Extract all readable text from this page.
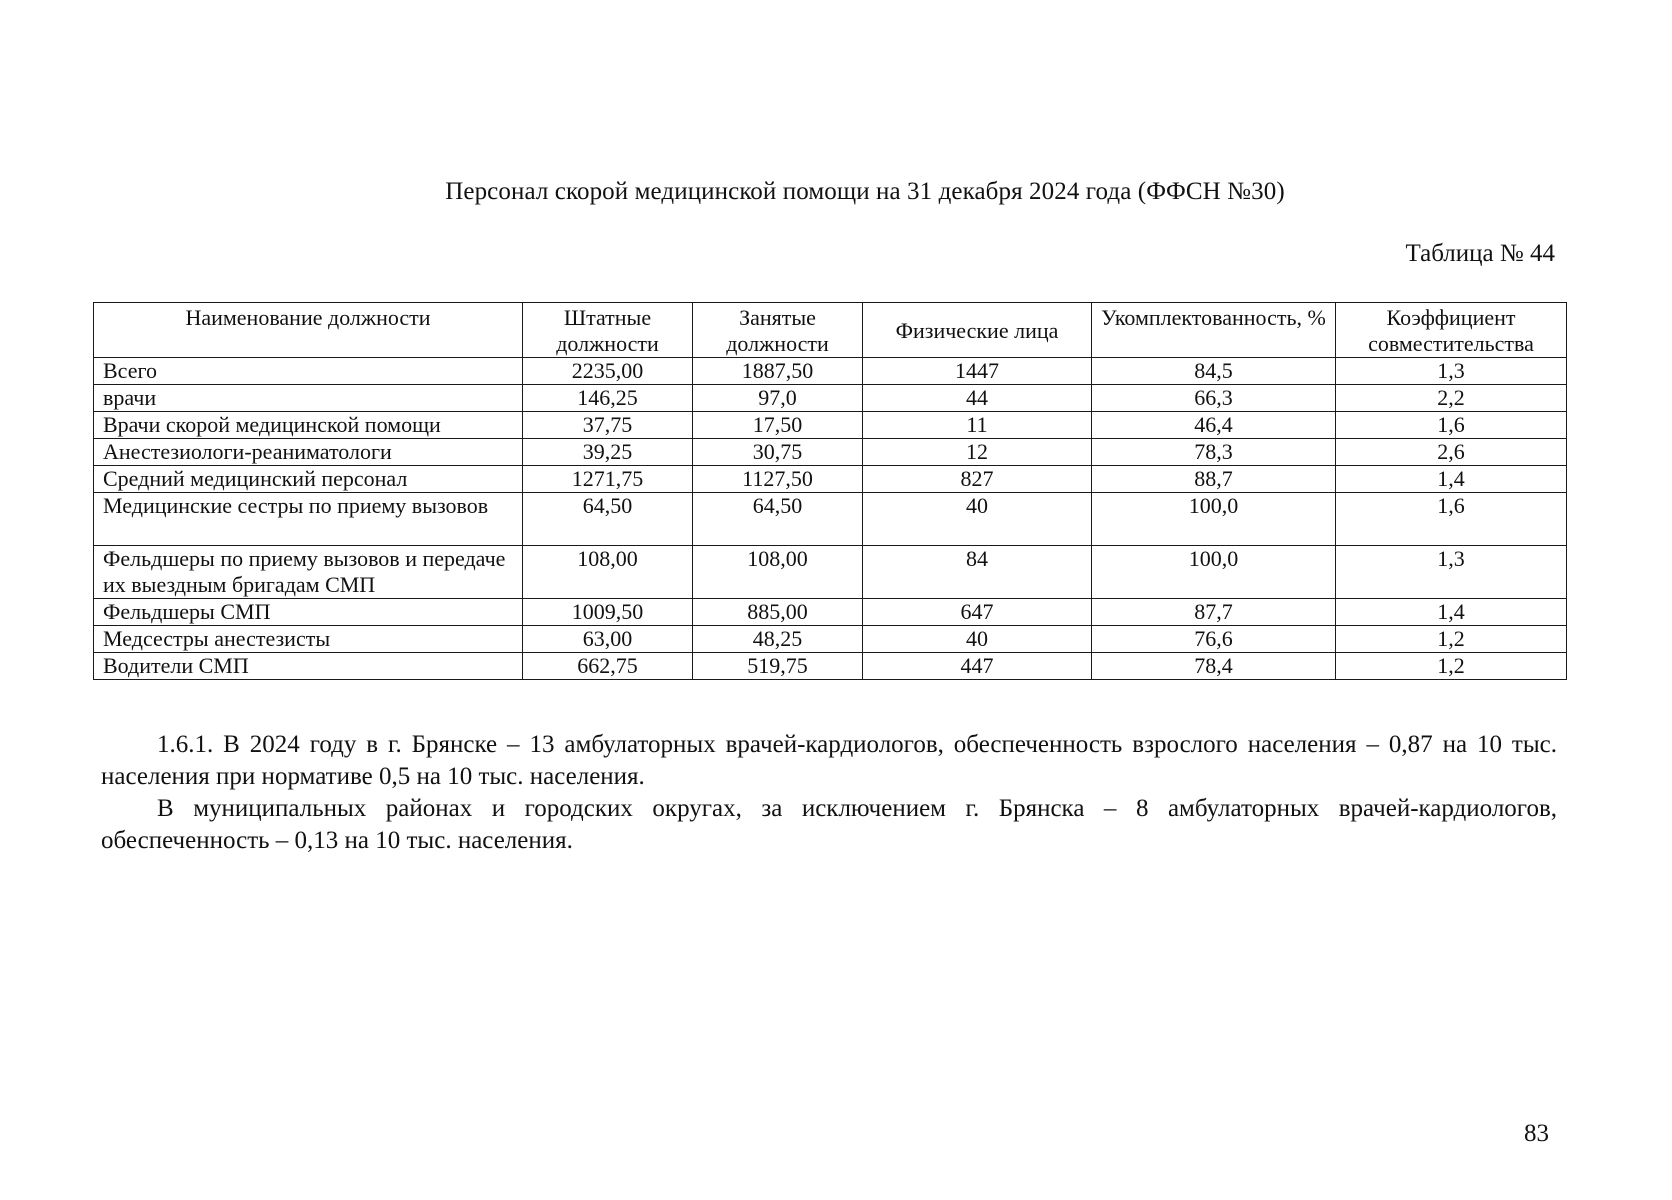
Персонал скорой медицинской помощи на 31 декабря 2024 года (ФФСН №30)
Таблица № 44
Наименование должности	Штатные должности	Занятые должности	Физические лица	Укомплектованность, %	Коэффициент совместительства
Всего	2235,00	1887,50	1447	84,5	1,3
врачи	146,25	97,0	44	66,3	2,2
Врачи скорой медицинской помощи	37,75	17,50	11	46,4	1,6
Анестезиологи-реаниматологи	39,25	30,75	12	78,3	2,6
Средний медицинский персонал	1271,75	1127,50	827	88,7	1,4
Медицинские сестры по приему вызовов	64,50	64,50	40	100,0	1,6
Фельдшеры по приему вызовов и передаче их выездным бригадам СМП	108,00	108,00	84	100,0	1,3
Фельдшеры СМП	1009,50	885,00	647	87,7	1,4
Медсестры анестезисты	63,00	48,25	40	76,6	1,2
Водители СМП	662,75	519,75	447	78,4	1,2

1.6.1. В 2024 году в г. Брянске – 13 амбулаторных врачей-кардиологов, обеспеченность взрослого населения – 0,87 на 10 тыс. населения при нормативе 0,5 на 10 тыс. населения.

В муниципальных районах и городских округах, за исключением г. Брянска – 8 амбулаторных врачей-кардиологов, обеспеченность – 0,13 на 10 тыс. населения.

83
